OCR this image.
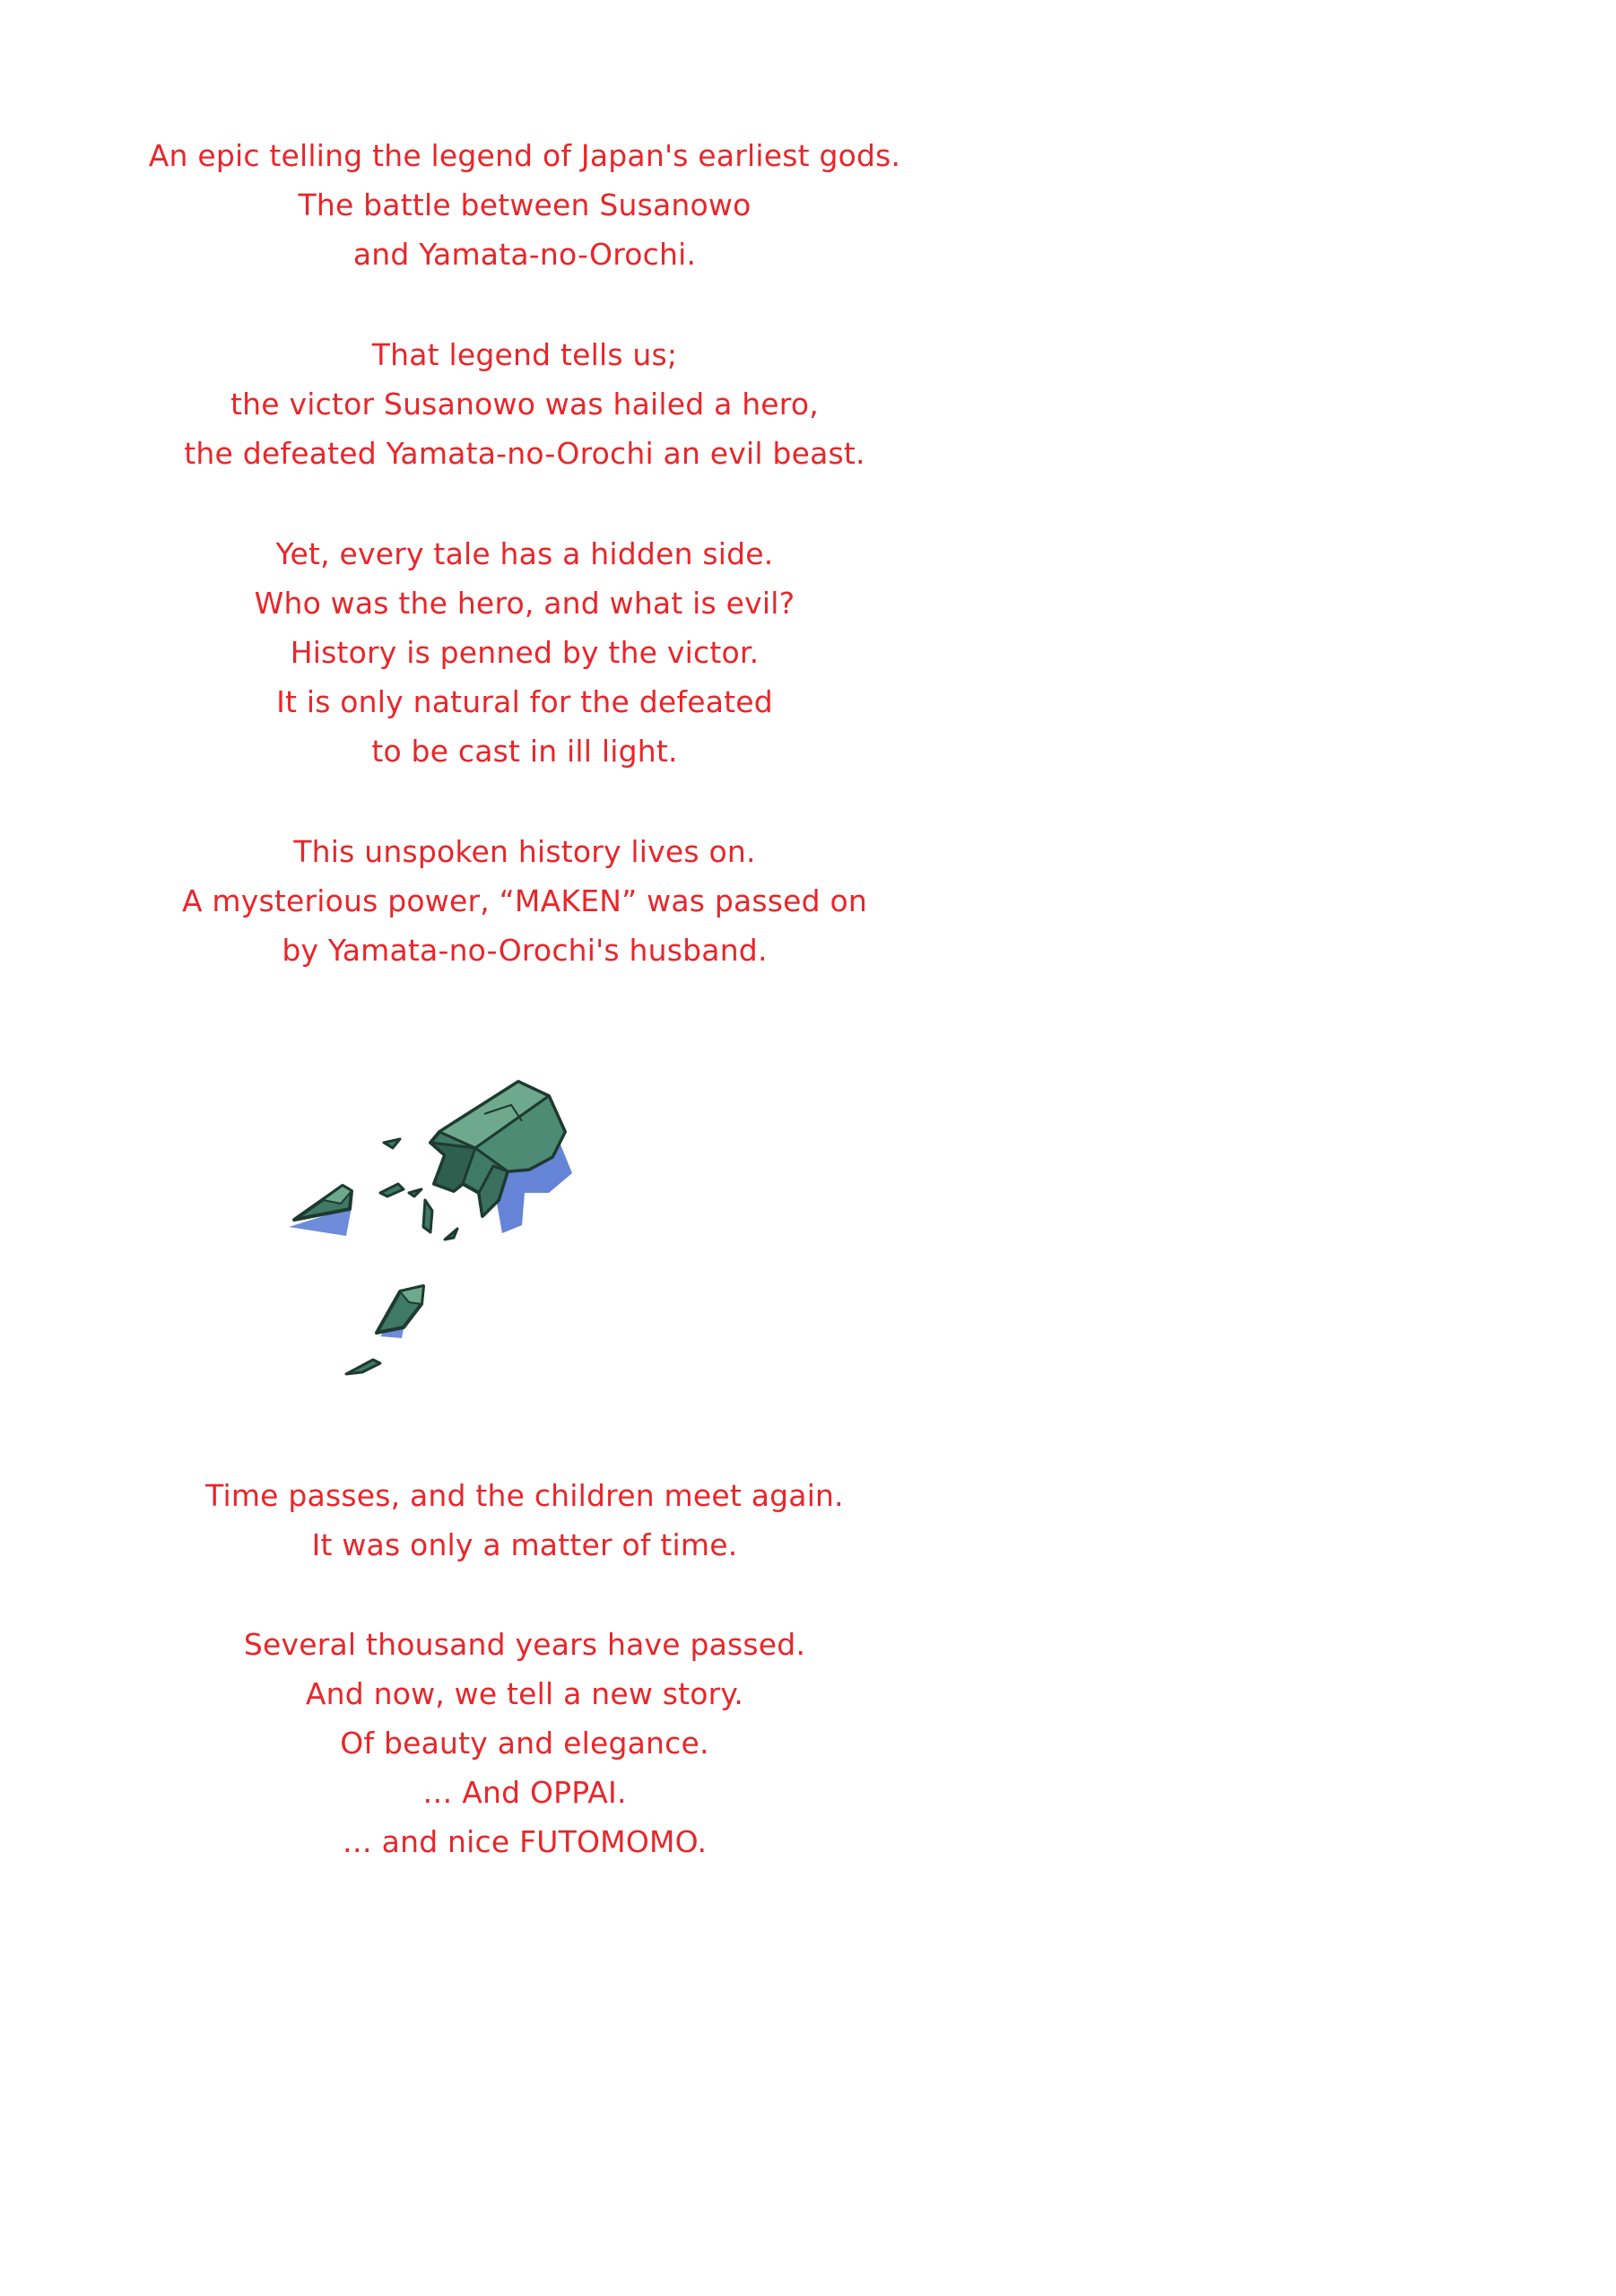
An epic telling the legend of Japan's earliest gods.
The battle between Susanowo
and Yamata-no-Orochi.
That legend tells us;
the victor Susanowo was hailed a hero,
the defeated Yamata-no-Orochi an evil beast.
Yet, every tale has a hidden side.
Who was the hero, and what is evil?
History is penned by the victor.
It is only natural for the defeated
to be cast in ill light.
This unspoken history lives on.
A mysterious power, “MAKEN” was passed on
by Yamata-no-Orochi's husband.
Time passes, and the children meet again.
It was only a matter of time.
Several thousand years have passed.
And now, we tell a new story.
Of beauty and elegance.
… And OPPAI.
… and nice FUTOMOMO.
